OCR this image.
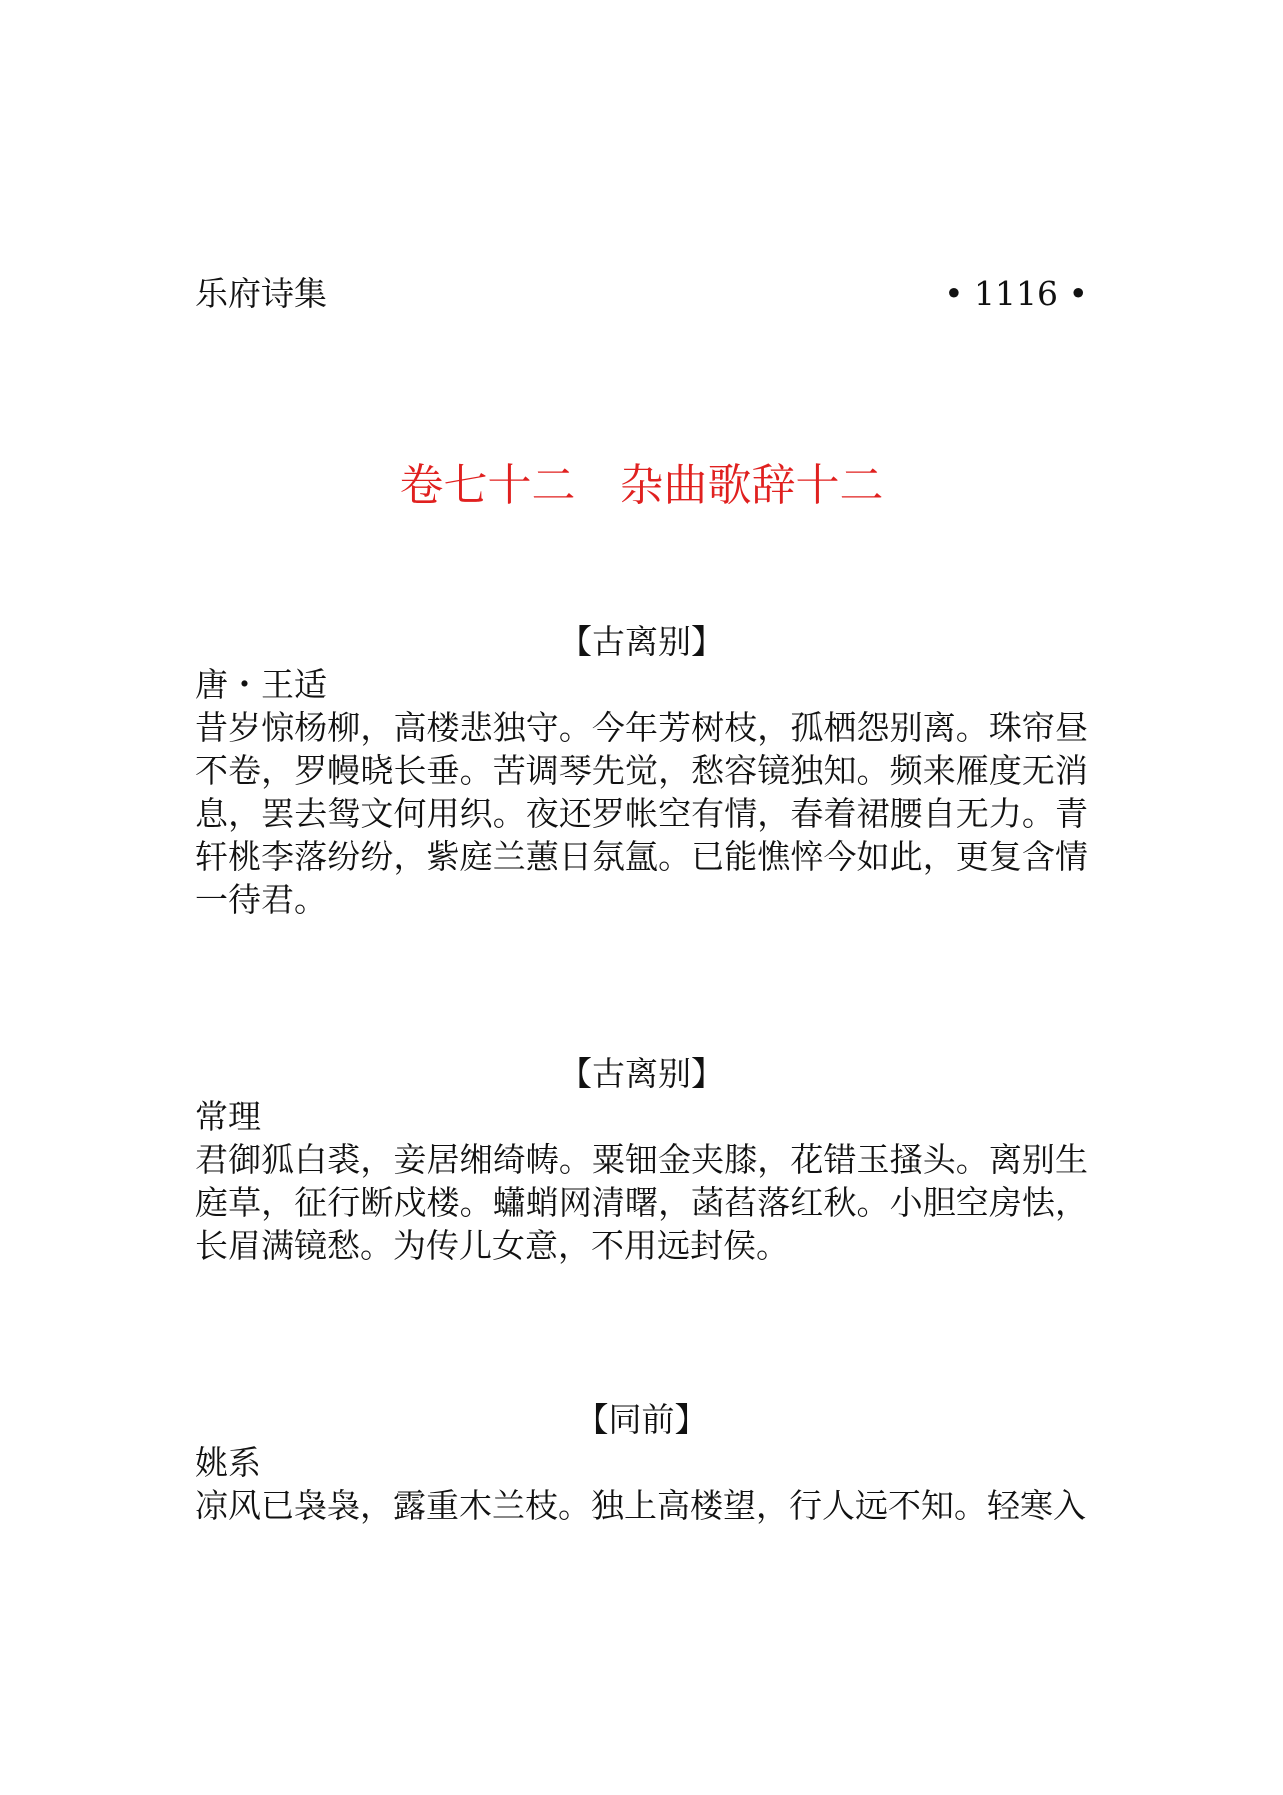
乐府诗集	• 1116 •
卷七十二　杂曲歌辞十二
【古离别】
唐・王适
昔岁惊杨柳，高楼悲独守。今年芳树枝，孤栖怨别离。珠帘昼不卷，罗幔晓长垂。苦调琴先觉，愁容镜独知。频来雁度无消息，罢去鸳文何用织。夜还罗帐空有情，春着裙腰自无力。青轩桃李落纷纷，紫庭兰蕙日氛氲。已能憔悴今如此，更复含情一待君。
【古离别】
常理
君御狐白裘，妾居缃绮帱。粟钿金夹膝，花错玉搔头。离别生庭草，征行断戍楼。蠨蛸网清曙，菡萏落红秋。小胆空房怯，长眉满镜愁。为传儿女意，不用远封侯。
【同前】
姚系
凉风已袅袅，露重木兰枝。独上高楼望，行人远不知。轻寒入
